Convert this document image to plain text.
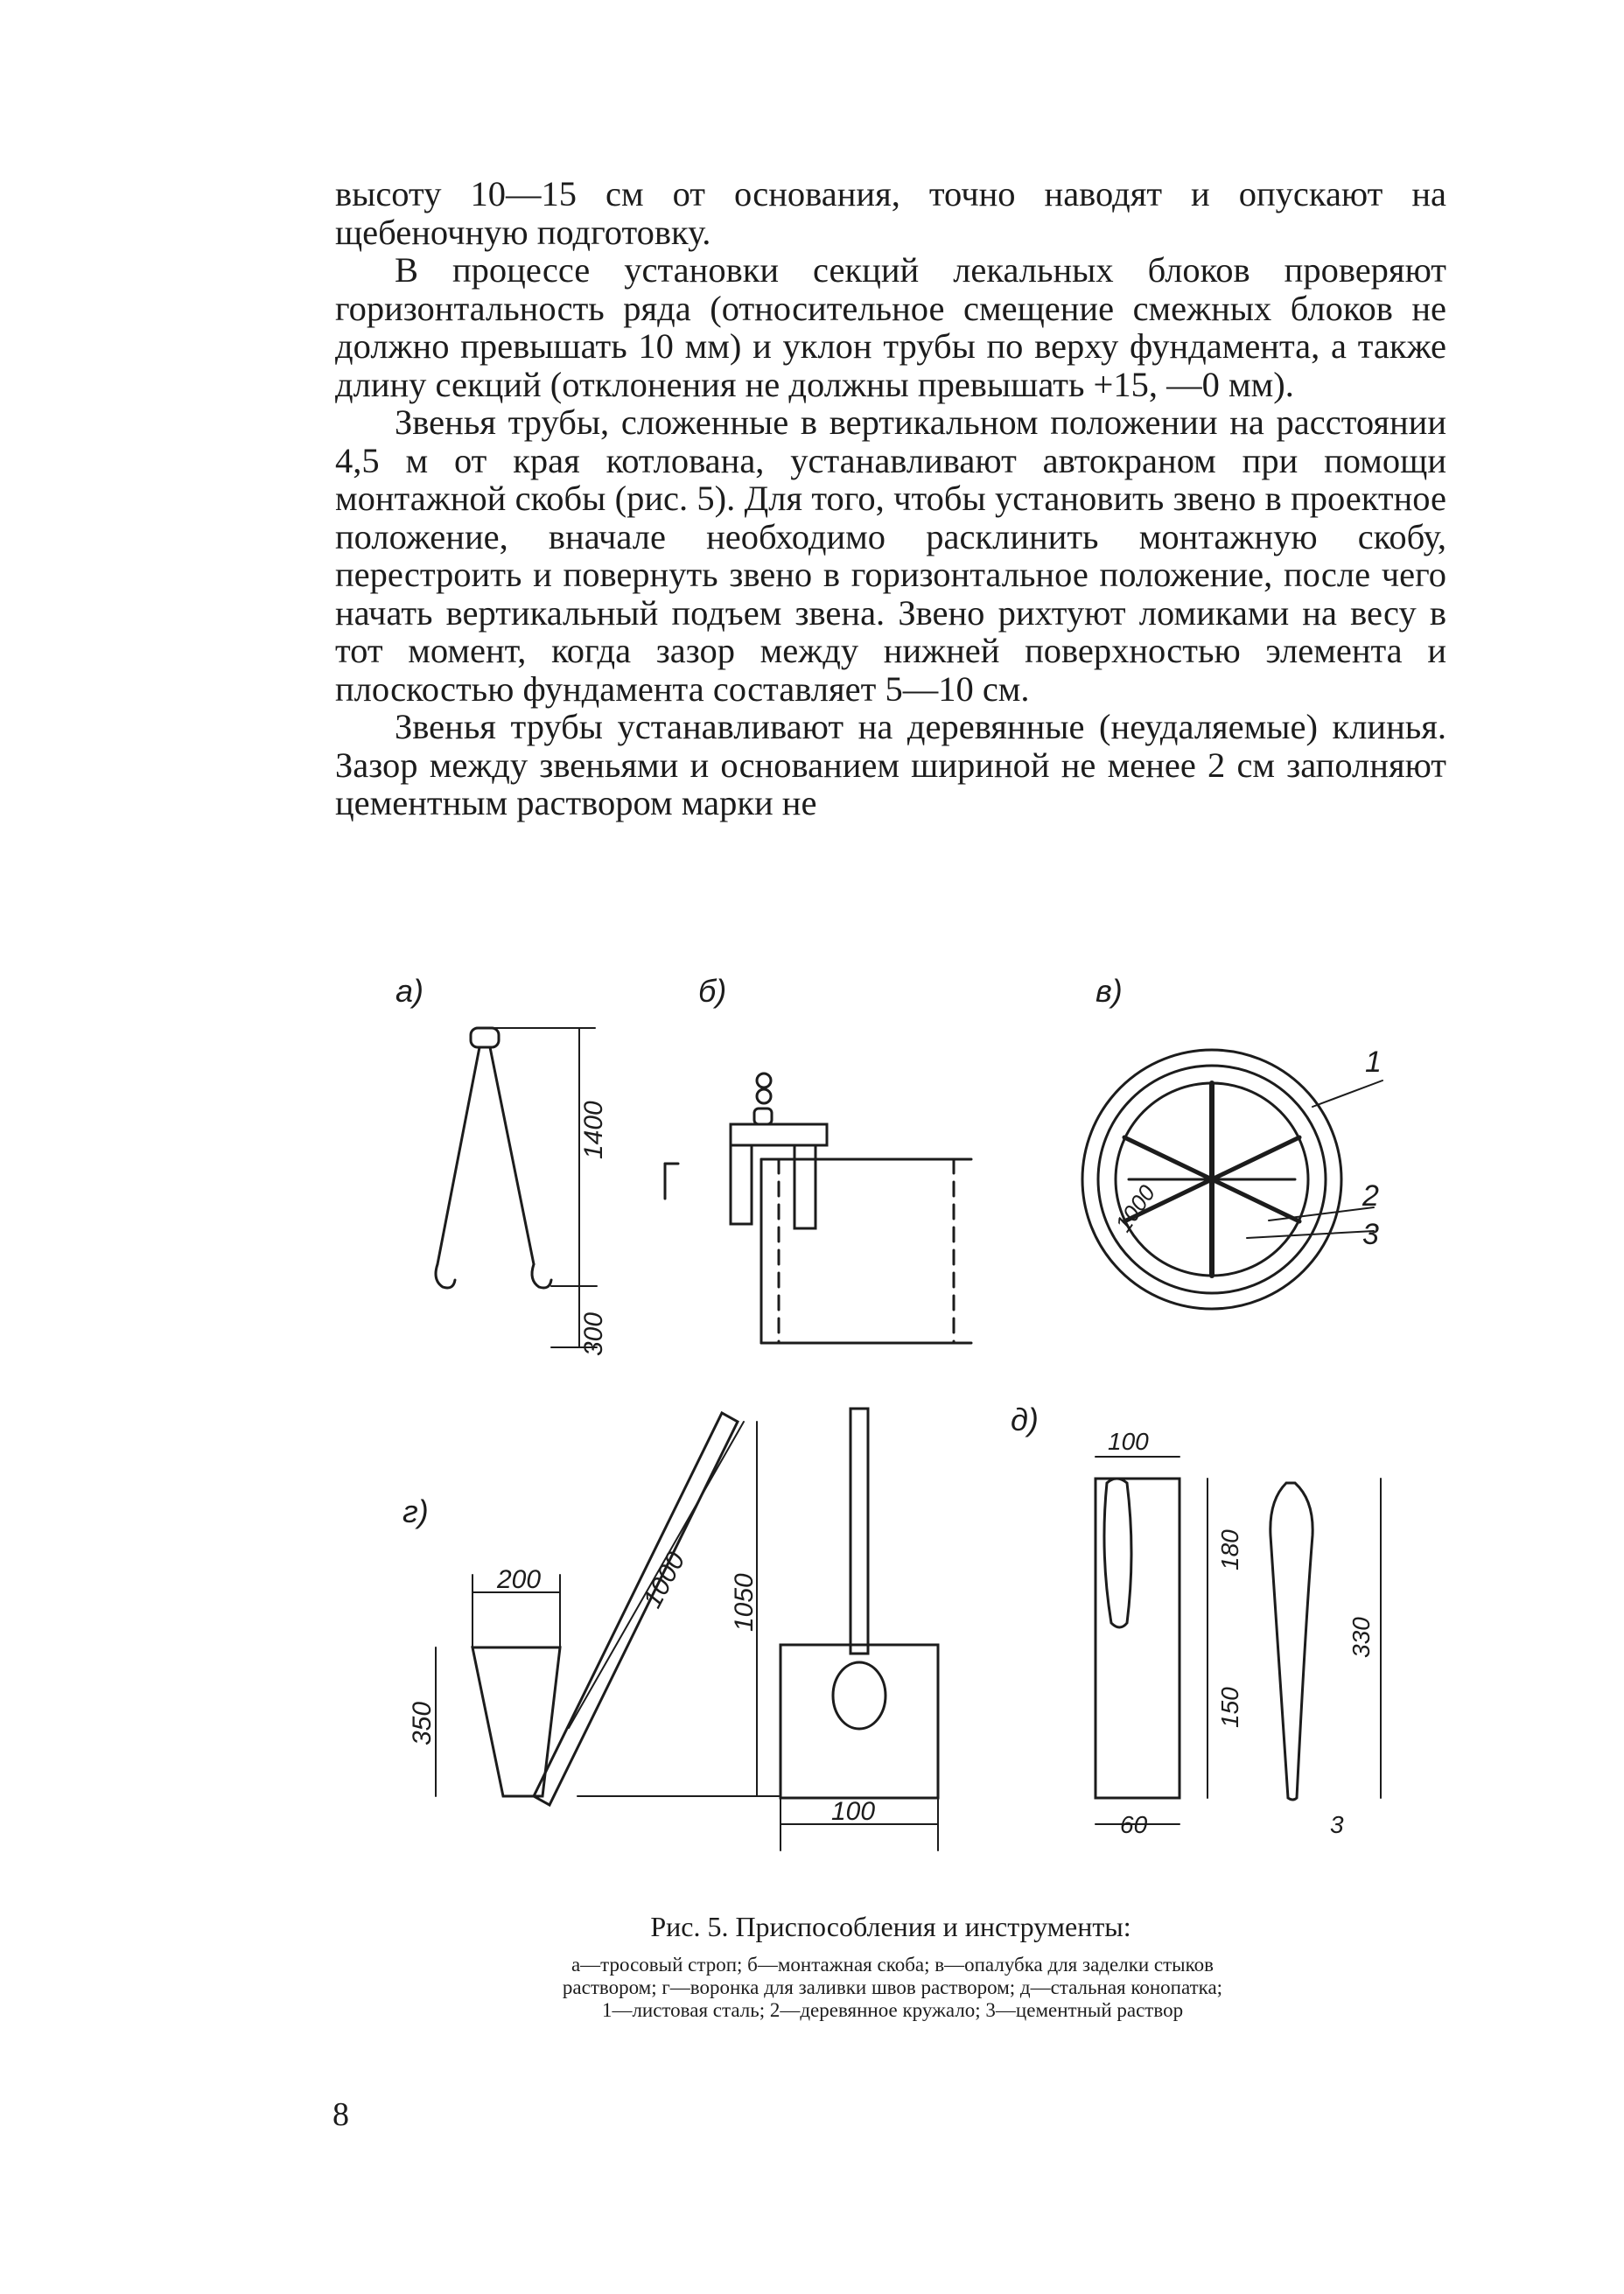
высоту 10—15 см от основания, точно наводят и опускают на щебеночную подготовку.

В процессе установки секций лекальных блоков проверяют горизонтальность ряда (относительное смещение смежных блоков не должно превышать 10 мм) и уклон трубы по верху фундамента, а также длину секций (отклонения не должны превышать +15, —0 мм).

Звенья трубы, сложенные в вертикальном положении на расстоянии 4,5 м от края котлована, устанавливают автокраном при помощи монтажной скобы (рис. 5). Для того, чтобы установить звено в проектное положение, вначале необходимо расклинить монтажную скобу, перестроить и повернуть звено в горизонтальное положение, после чего начать вертикальный подъем звена. Звено рихтуют ломиками на весу в тот момент, когда зазор между нижней поверхностью элемента и плоскостью фундамента составляет 5—10 см.

Звенья трубы устанавливают на деревянные (неудаляемые) клинья. Зазор между звеньями и основанием шириной не менее 2 см заполняют цементным раствором марки не

а)
1400
300
б)	в)
1000
1
2
3
г)
200
350
1000 1050
100
д)
100
180
150
60
330
3
Рис. 5. Приспособления и инструменты:
а—тросовый строп; б—монтажная скоба; в—опалубка для заделки стыков
раствором; г—воронка для заливки швов раствором; д—стальная конопатка;
1—листовая сталь; 2—деревянное кружало; 3—цементный раствор
8
